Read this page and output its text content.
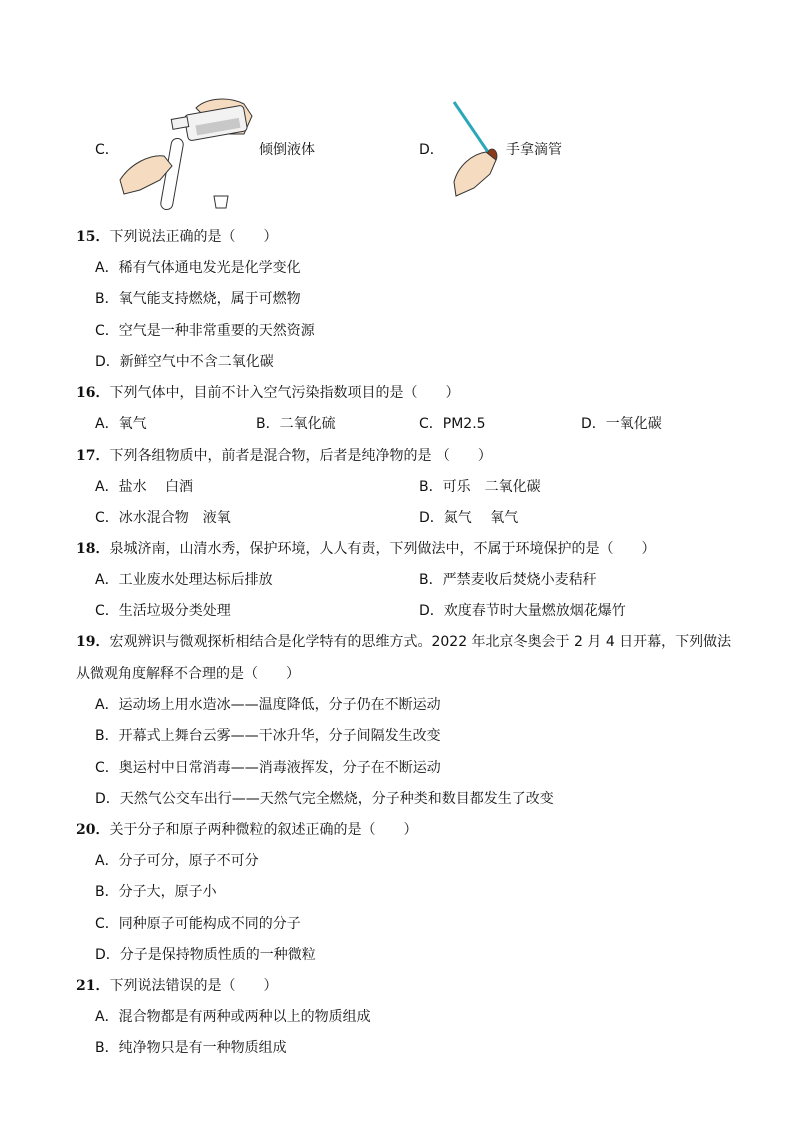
C．	倾倒液体	D．	手拿滴管
15．下列说法正确的是（　　）
A．稀有气体通电发光是化学变化
B．氧气能支持燃烧，属于可燃物
C．空气是一种非常重要的天然资源
D．新鲜空气中不含二氧化碳
16．下列气体中，目前不计入空气污染指数项目的是（　　）
A．氧气	B．二氧化硫	C．PM2.5	D．一氧化碳
17．下列各组物质中，前者是混合物，后者是纯净物的是 （　　）
A．盐水　 白酒	B．可乐　二氧化碳
C．冰水混合物　液氧	D．氮气　 氧气
18．泉城济南，山清水秀，保护环境，人人有责，下列做法中，不属于环境保护的是（　　）
A．工业废水处理达标后排放	B．严禁麦收后焚烧小麦秸秆
C．生活垃圾分类处理	D．欢度春节时大量燃放烟花爆竹
19．宏观辨识与微观探析相结合是化学特有的思维方式。2022 年北京冬奥会于 2 月 4 日开幕，下列做法
从微观角度解释不合理的是（　　）
A．运动场上用水造冰——温度降低，分子仍在不断运动
B．开幕式上舞台云雾——干冰升华，分子间隔发生改变
C．奥运村中日常消毒——消毒液挥发，分子在不断运动
D．天然气公交车出行——天然气完全燃烧，分子种类和数目都发生了改变
20．关于分子和原子两种微粒的叙述正确的是（　　）
A．分子可分，原子不可分
B．分子大，原子小
C．同种原子可能构成不同的分子
D．分子是保持物质性质的一种微粒
21．下列说法错误的是（　　）
A．混合物都是有两种或两种以上的物质组成
B．纯净物只是有一种物质组成
